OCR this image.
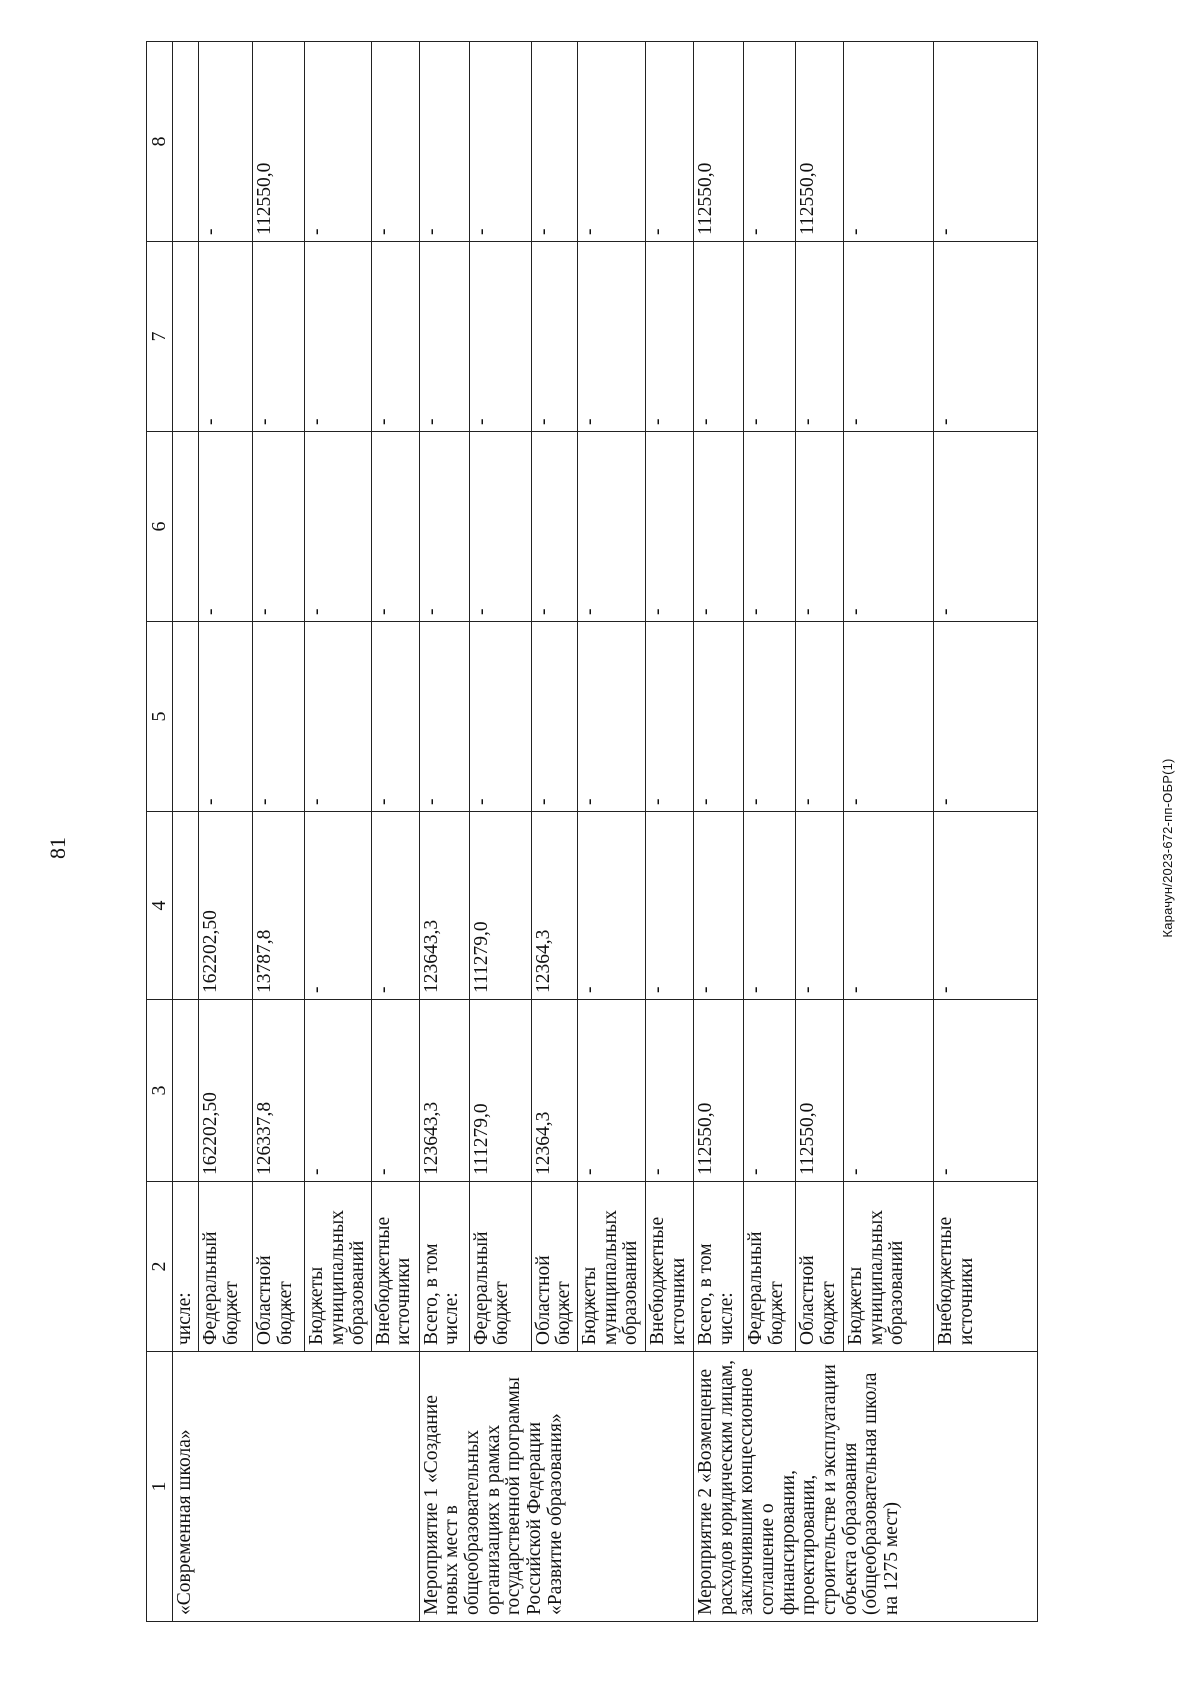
81
1	2	3	4	5	6	7	8
«Современная школа»	числе:						
	Федеральный бюджет	162202,50	162202,50	-	-	-	-
	Областной бюджет	126337,8	13787,8	-	-	-	112550,0
	Бюджеты муниципальных образований	-	-	-	-	-	-
	Внебюджетные источники	-	-	-	-	-	-
Мероприятие 1 «Создание новых мест в общеобразовательных организациях в рамках государственной программы Российской Федерации «Развитие образования»	Всего, в том числе:	123643,3	123643,3	-	-	-	-
	Федеральный бюджет	111279,0	111279,0	-	-	-	-
	Областной бюджет	12364,3	12364,3	-	-	-	-
	Бюджеты муниципальных образований	-	-	-	-	-	-
	Внебюджетные источники	-	-	-	-	-	-
Мероприятие 2 «Возмещение расходов юридическим лицам, заключившим концессионное соглашение о финансировании, проектировании, строительстве и эксплуатации объекта образования (общеобразовательная школа на 1275 мест)	Всего, в том числе:	112550,0	-	-	-	-	112550,0
	Федеральный бюджет	-	-	-	-	-	-
	Областной бюджет	112550,0	-	-	-	-	112550,0
	Бюджеты муниципальных образований	-	-	-	-	-	-
	Внебюджетные источники	-	-	-	-	-	-
Карачун/2023-672-пп-ОБР(1)
